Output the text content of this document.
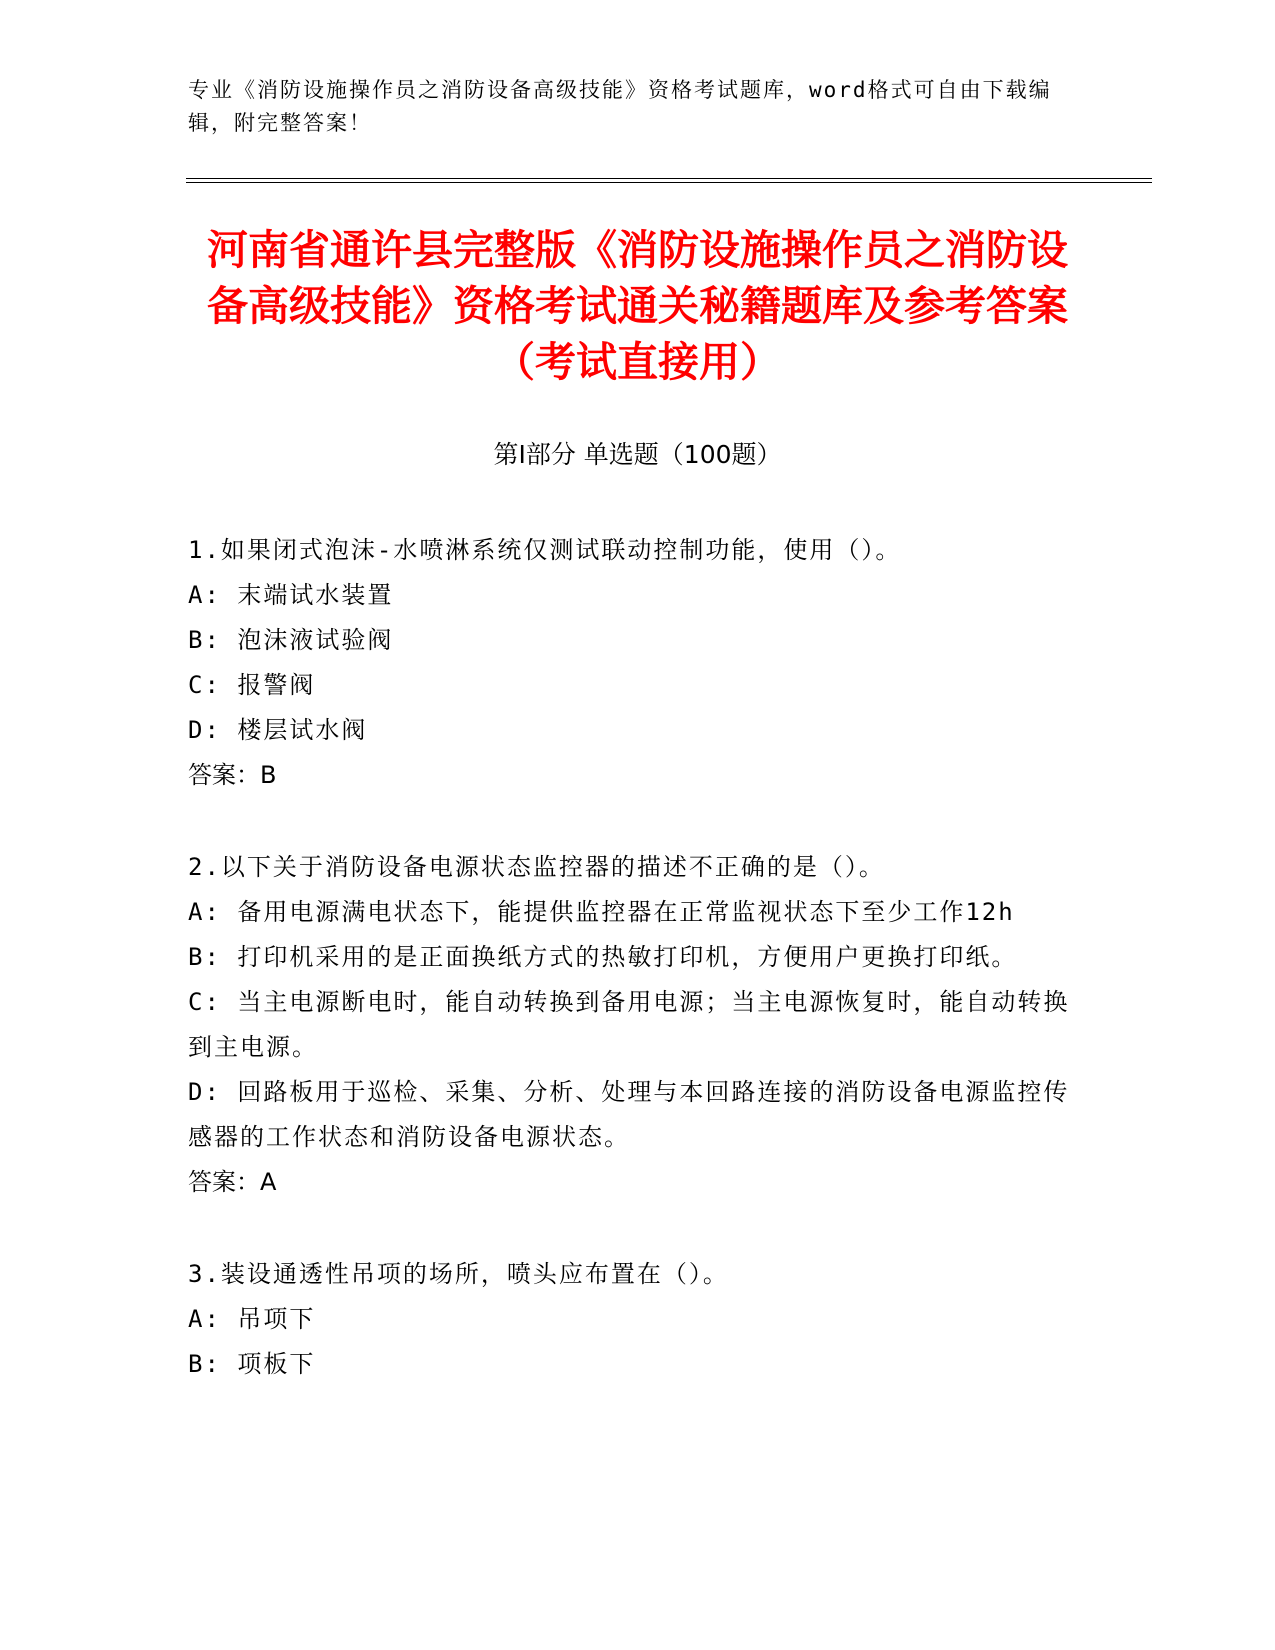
专业《消防设施操作员之消防设备高级技能》资格考试题库，word格式可自由下载编辑，附完整答案！
河南省通许县完整版《消防设施操作员之消防设备高级技能》资格考试通关秘籍题库及参考答案（考试直接用）
第Ⅰ部分 单选题（100题）

1.如果闭式泡沫-水喷淋系统仅测试联动控制功能，使用（）。

A: 末端试水装置

B: 泡沫液试验阀

C: 报警阀

D: 楼层试水阀

答案：B

2.以下关于消防设备电源状态监控器的描述不正确的是（）。

A: 备用电源满电状态下，能提供监控器在正常监视状态下至少工作12h

B: 打印机采用的是正面换纸方式的热敏打印机，方便用户更换打印纸。

C: 当主电源断电时，能自动转换到备用电源；当主电源恢复时，能自动转换到主电源。

D: 回路板用于巡检、采集、分析、处理与本回路连接的消防设备电源监控传感器的工作状态和消防设备电源状态。

答案：A

3.装设通透性吊项的场所，喷头应布置在（）。

A: 吊项下

B: 项板下
